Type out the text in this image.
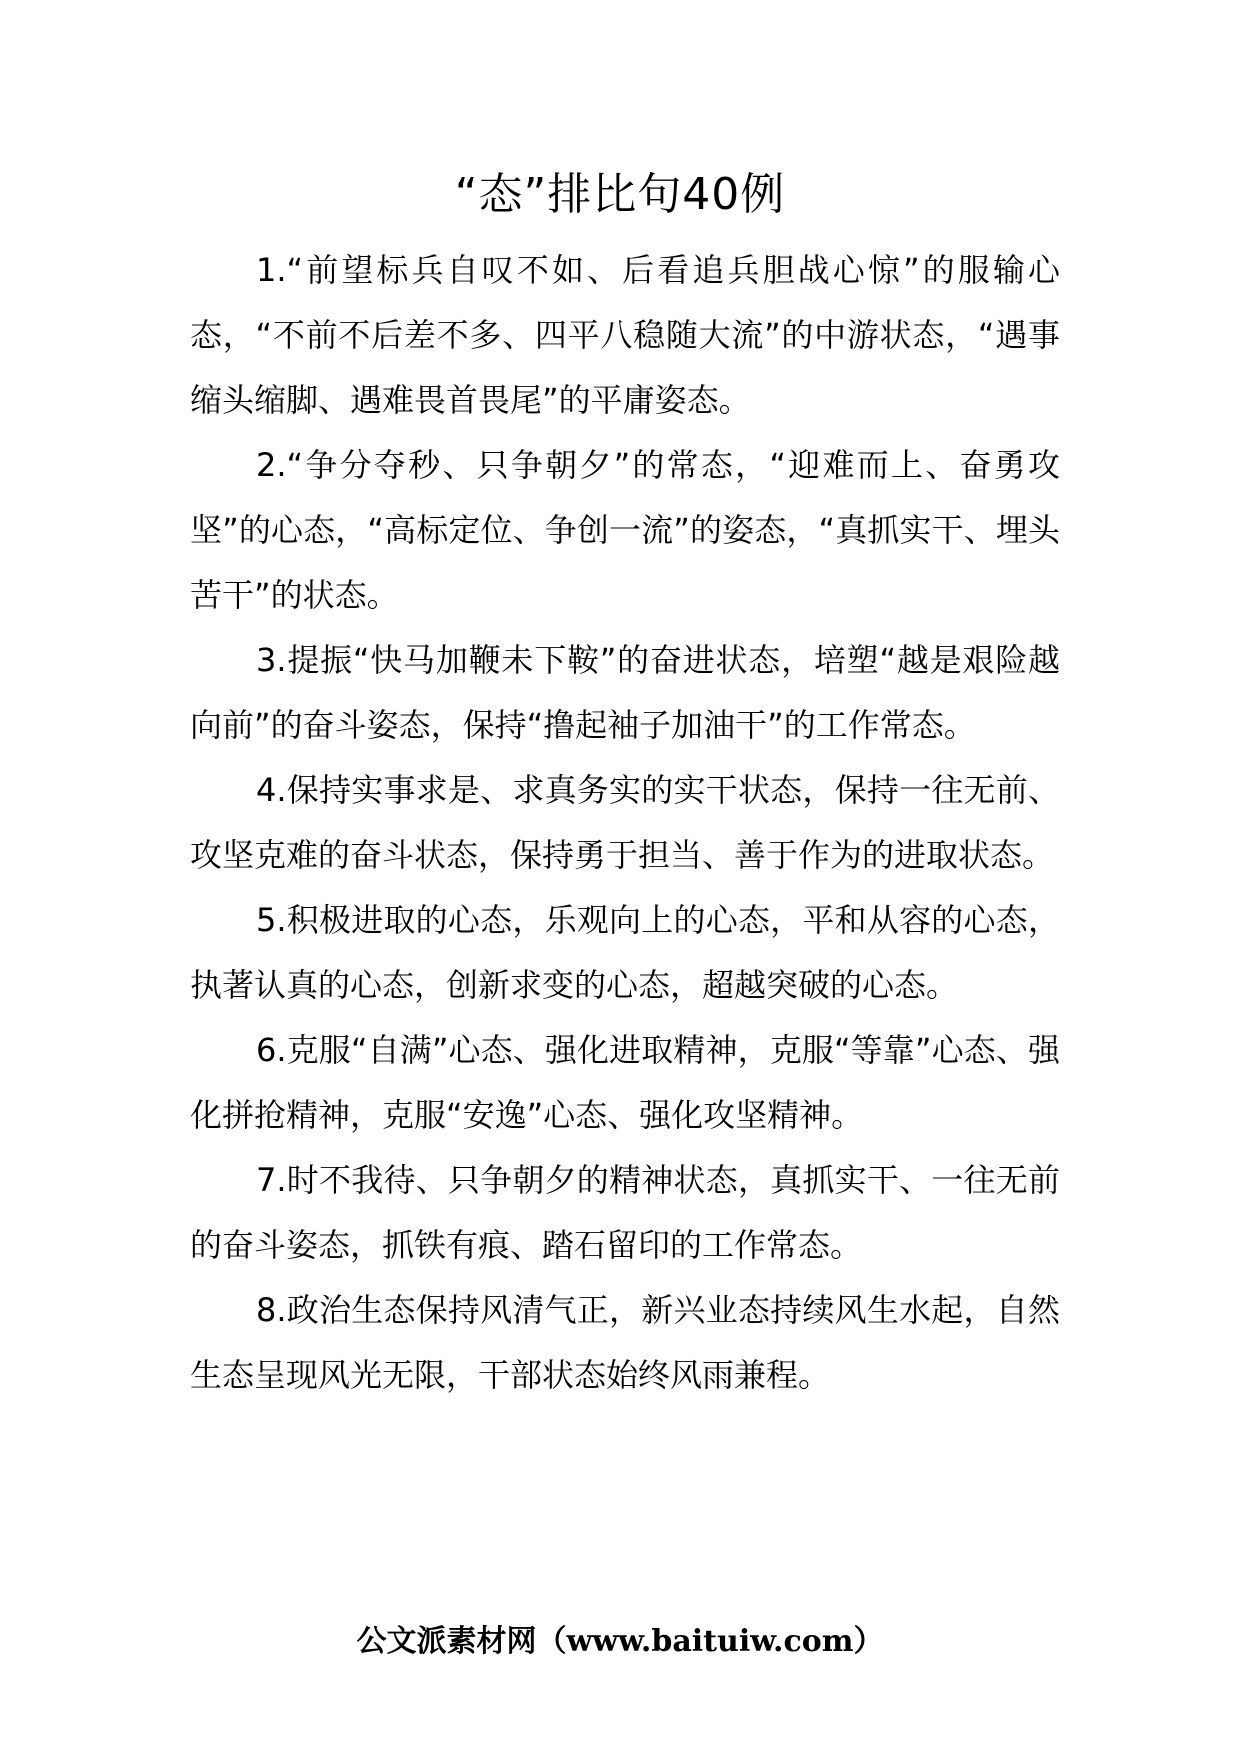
“态”排比句40例

1.“前望标兵自叹不如、后看追兵胆战心惊”的服输心态，“不前不后差不多、四平八稳随大流”的中游状态，“遇事缩头缩脚、遇难畏首畏尾”的平庸姿态。

2.“争分夺秒、只争朝夕”的常态，“迎难而上、奋勇攻坚”的心态，“高标定位、争创一流”的姿态，“真抓实干、埋头苦干”的状态。

3.提振“快马加鞭未下鞍”的奋进状态，培塑“越是艰险越向前”的奋斗姿态，保持“撸起袖子加油干”的工作常态。

4.保持实事求是、求真务实的实干状态，保持一往无前、攻坚克难的奋斗状态，保持勇于担当、善于作为的进取状态。

5.积极进取的心态，乐观向上的心态，平和从容的心态，执著认真的心态，创新求变的心态，超越突破的心态。

6.克服“自满”心态、强化进取精神，克服“等靠”心态、强化拼抢精神，克服“安逸”心态、强化攻坚精神。

7.时不我待、只争朝夕的精神状态，真抓实干、一往无前的奋斗姿态，抓铁有痕、踏石留印的工作常态。

8.政治生态保持风清气正，新兴业态持续风生水起，自然生态呈现风光无限，干部状态始终风雨兼程。

公文派素材网（www.baituiw.com）
